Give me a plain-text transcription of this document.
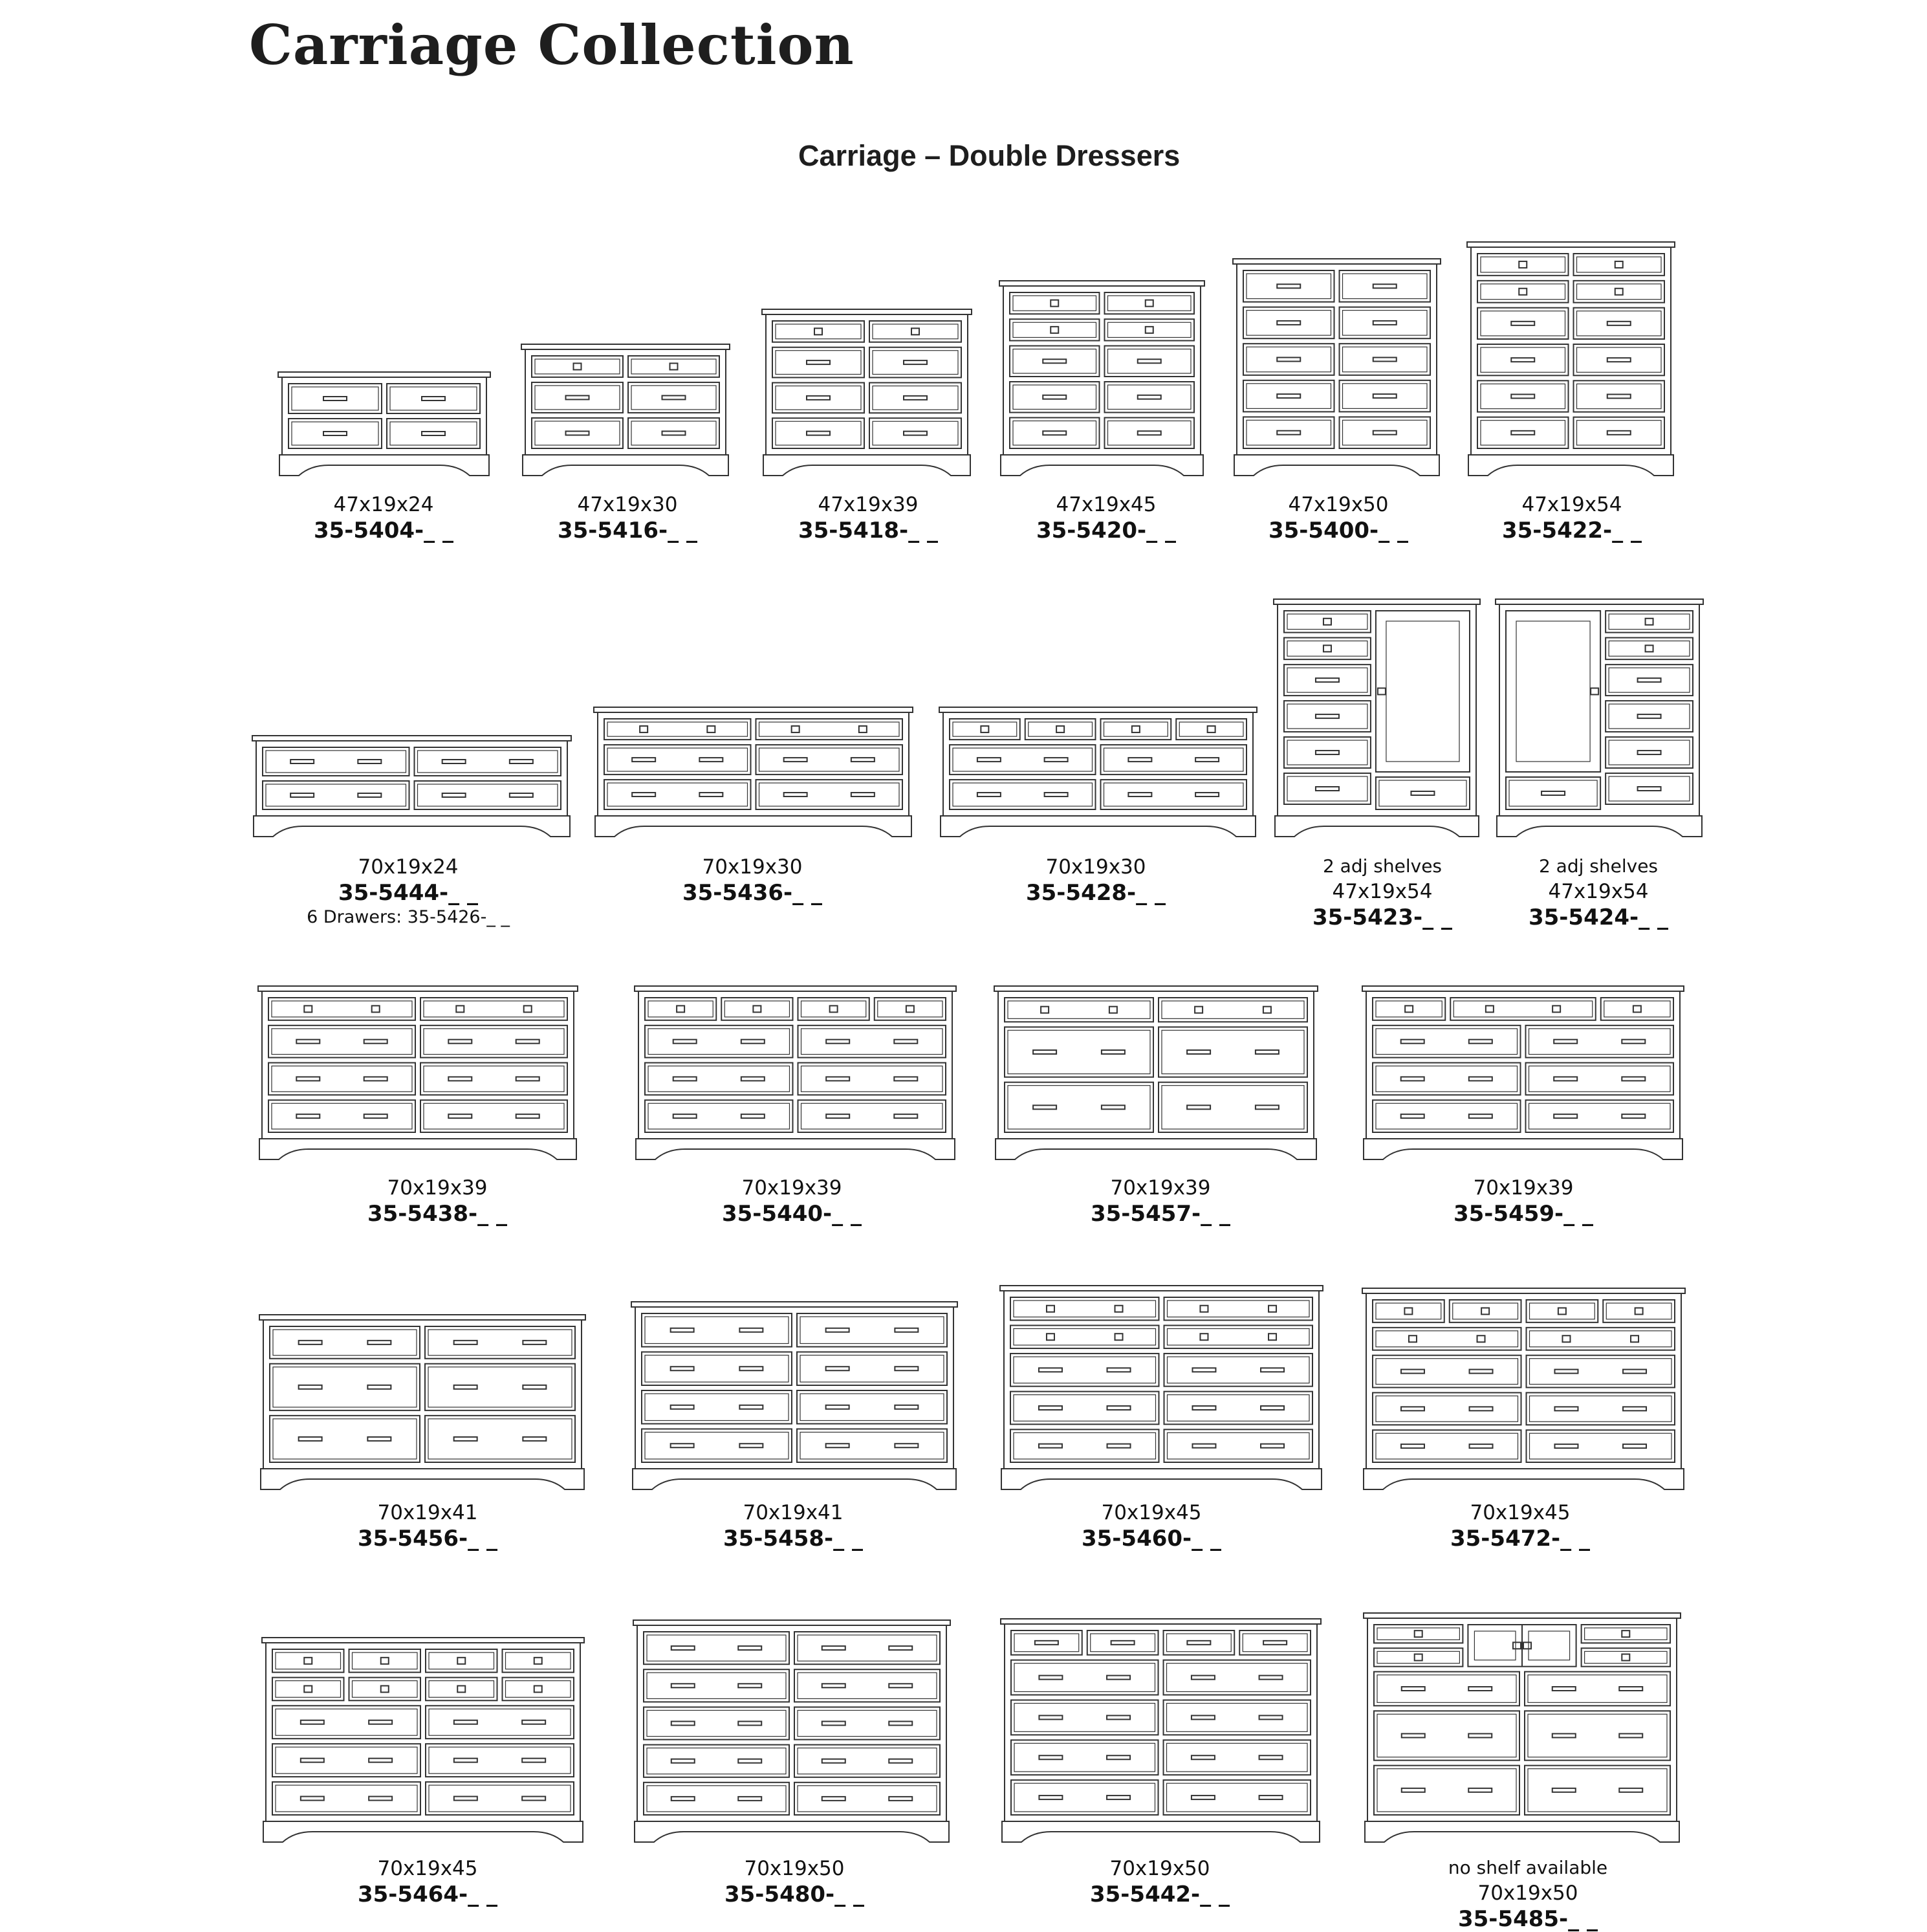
Carriage Collection
Carriage – Double Dressers
47x19x24
35-5404-_ _
47x19x30
35-5416-_ _
47x19x39
35-5418-_ _
47x19x45
35-5420-_ _
47x19x50
35-5400-_ _
47x19x54
35-5422-_ _
70x19x24
35-5444-_ _
6 Drawers: 35-5426-_ _
70x19x30
35-5436-_ _
70x19x30
35-5428-_ _
2 adj shelves
47x19x54
35-5423-_ _
2 adj shelves
47x19x54
35-5424-_ _
70x19x39
35-5438-_ _
70x19x39
35-5440-_ _
70x19x39
35-5457-_ _
70x19x39
35-5459-_ _
70x19x41
35-5456-_ _
70x19x41
35-5458-_ _
70x19x45
35-5460-_ _
70x19x45
35-5472-_ _
70x19x45
35-5464-_ _
70x19x50
35-5480-_ _
70x19x50
35-5442-_ _
no shelf available
70x19x50
35-5485-_ _
